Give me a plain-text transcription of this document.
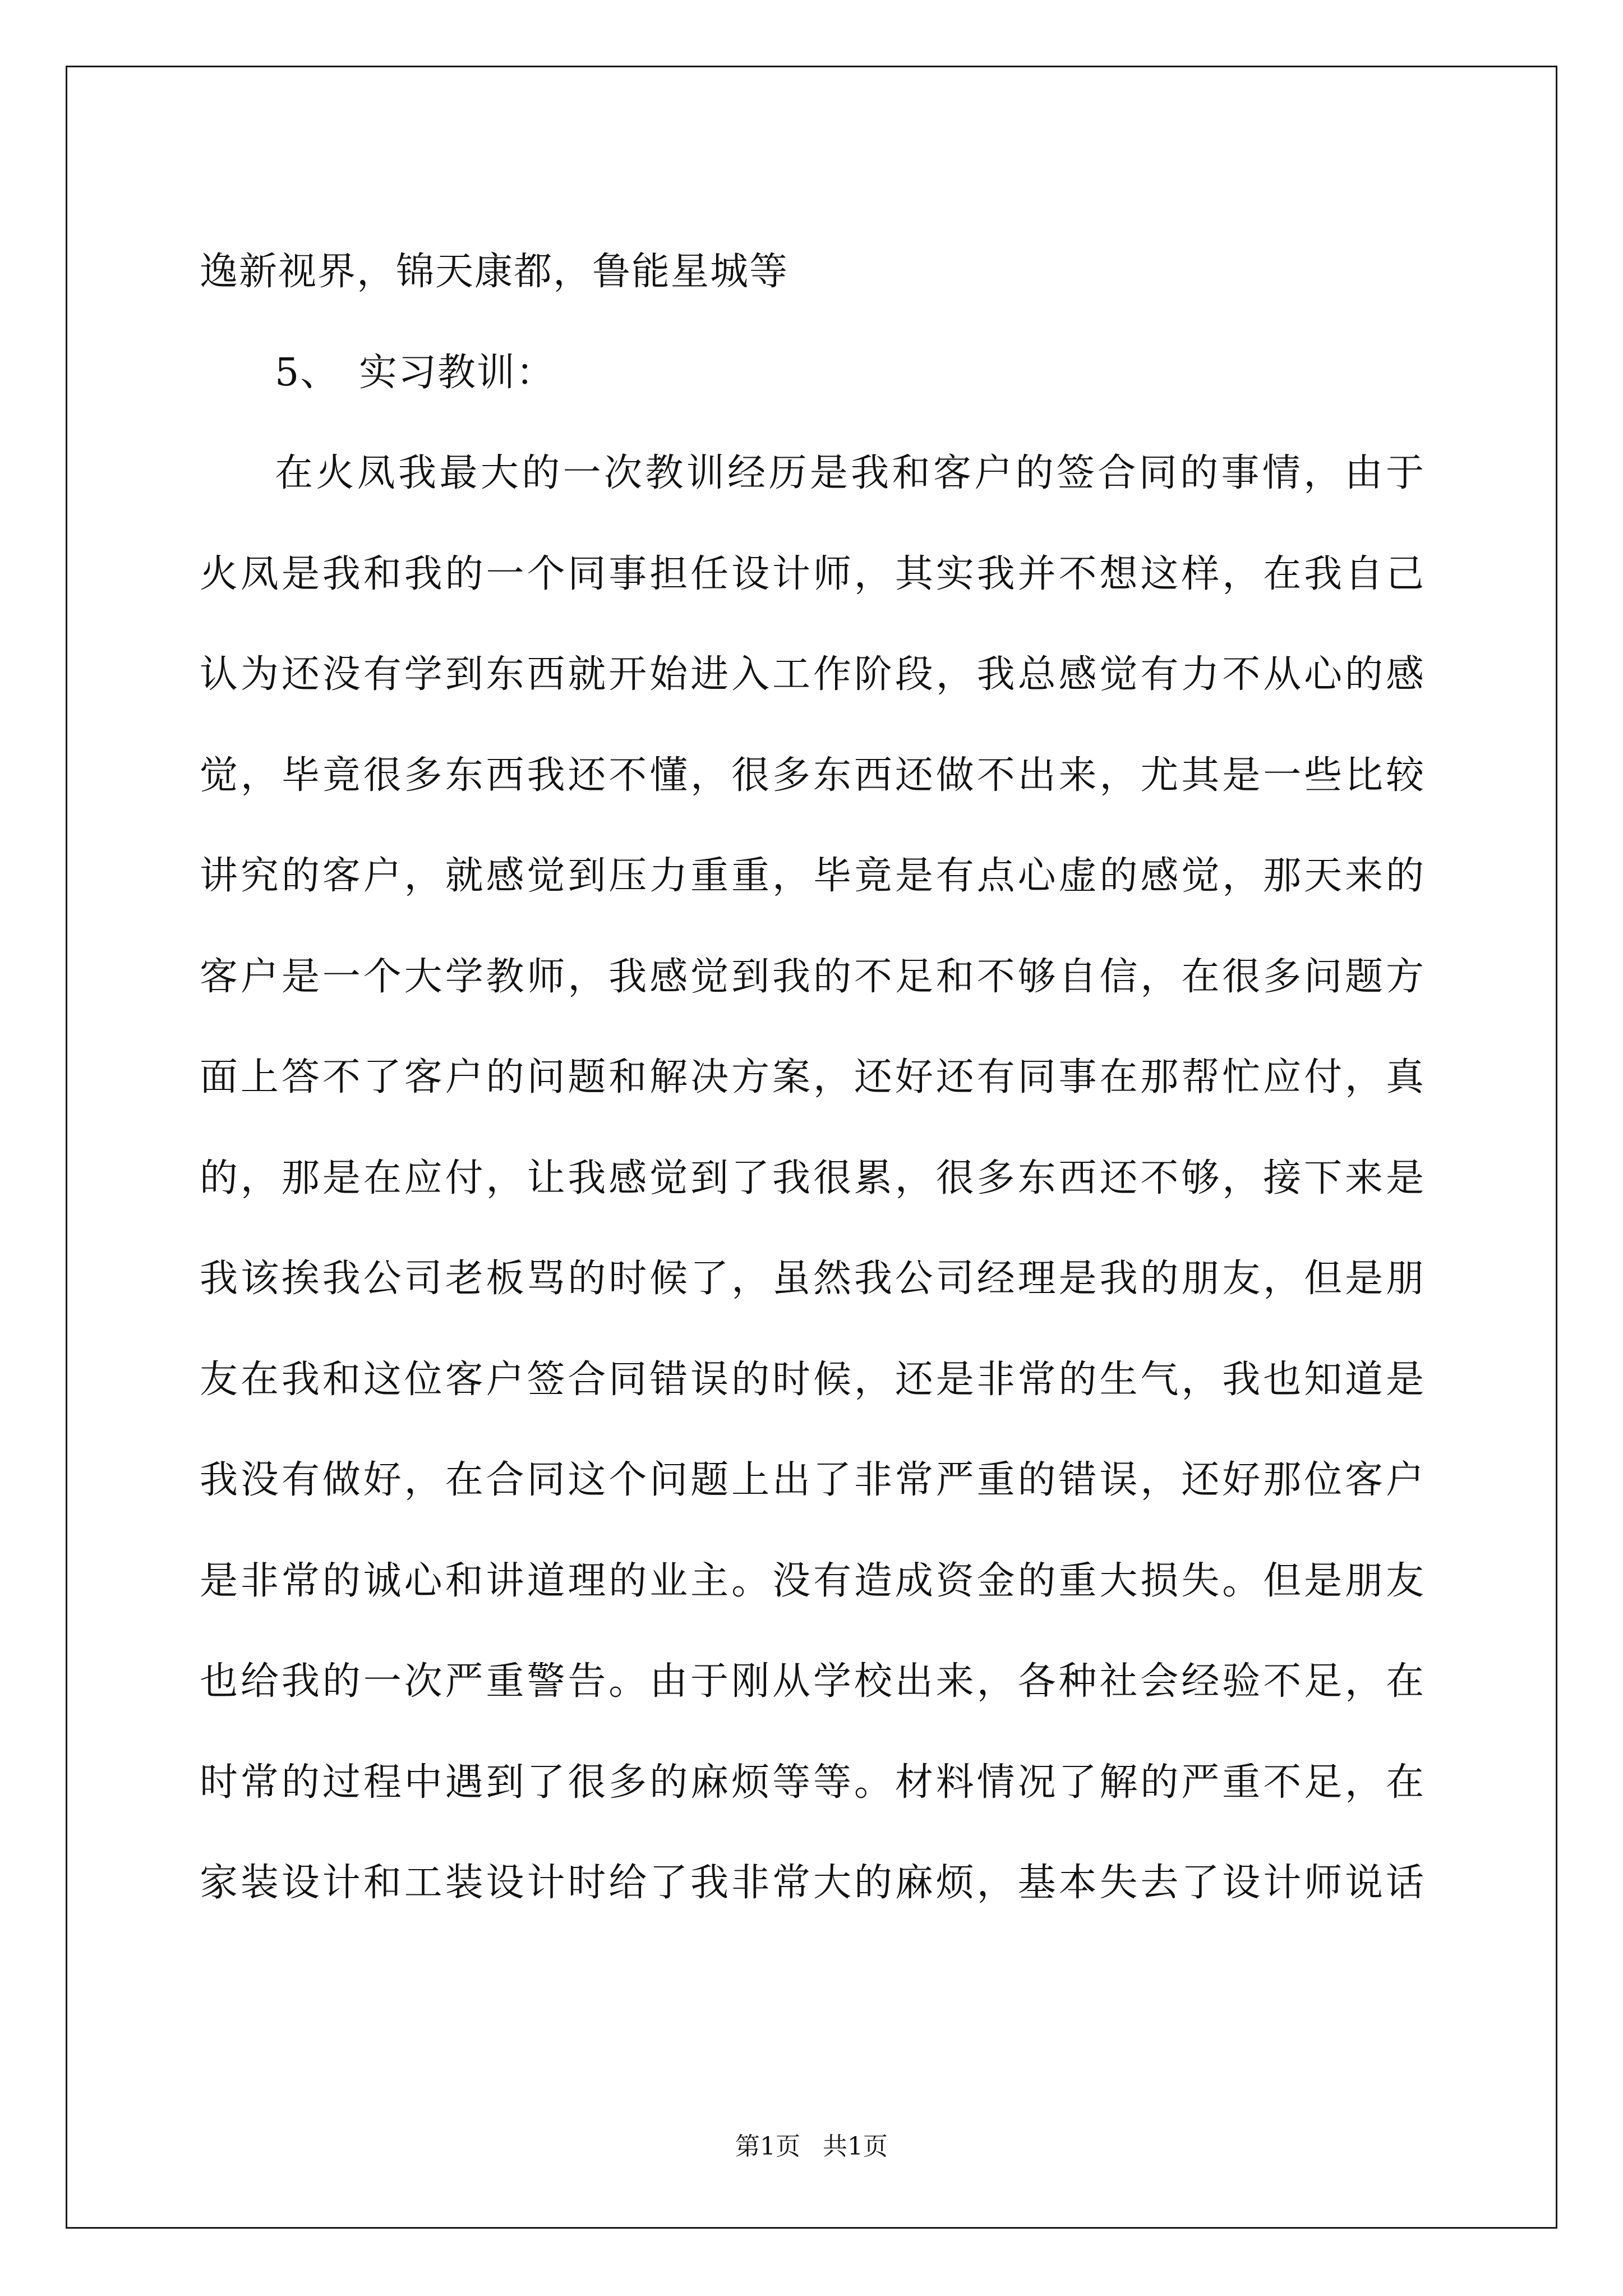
逸新视界，锦天康都，鲁能星城等
5、 实习教训：
在火凤我最大的一次教训经历是我和客户的签合同的事情，由于
火凤是我和我的一个同事担任设计师，其实我并不想这样，在我自己
认为还没有学到东西就开始进入工作阶段，我总感觉有力不从心的感
觉，毕竟很多东西我还不懂，很多东西还做不出来，尤其是一些比较
讲究的客户，就感觉到压力重重，毕竟是有点心虚的感觉，那天来的
客户是一个大学教师，我感觉到我的不足和不够自信，在很多问题方
面上答不了客户的问题和解决方案，还好还有同事在那帮忙应付，真
的，那是在应付，让我感觉到了我很累，很多东西还不够，接下来是
我该挨我公司老板骂的时候了，虽然我公司经理是我的朋友，但是朋
友在我和这位客户签合同错误的时候，还是非常的生气，我也知道是
我没有做好，在合同这个问题上出了非常严重的错误，还好那位客户
是非常的诚心和讲道理的业主。没有造成资金的重大损失。但是朋友
也给我的一次严重警告。由于刚从学校出来，各种社会经验不足，在
时常的过程中遇到了很多的麻烦等等。材料情况了解的严重不足，在
家装设计和工装设计时给了我非常大的麻烦，基本失去了设计师说话
第1页 共1页
